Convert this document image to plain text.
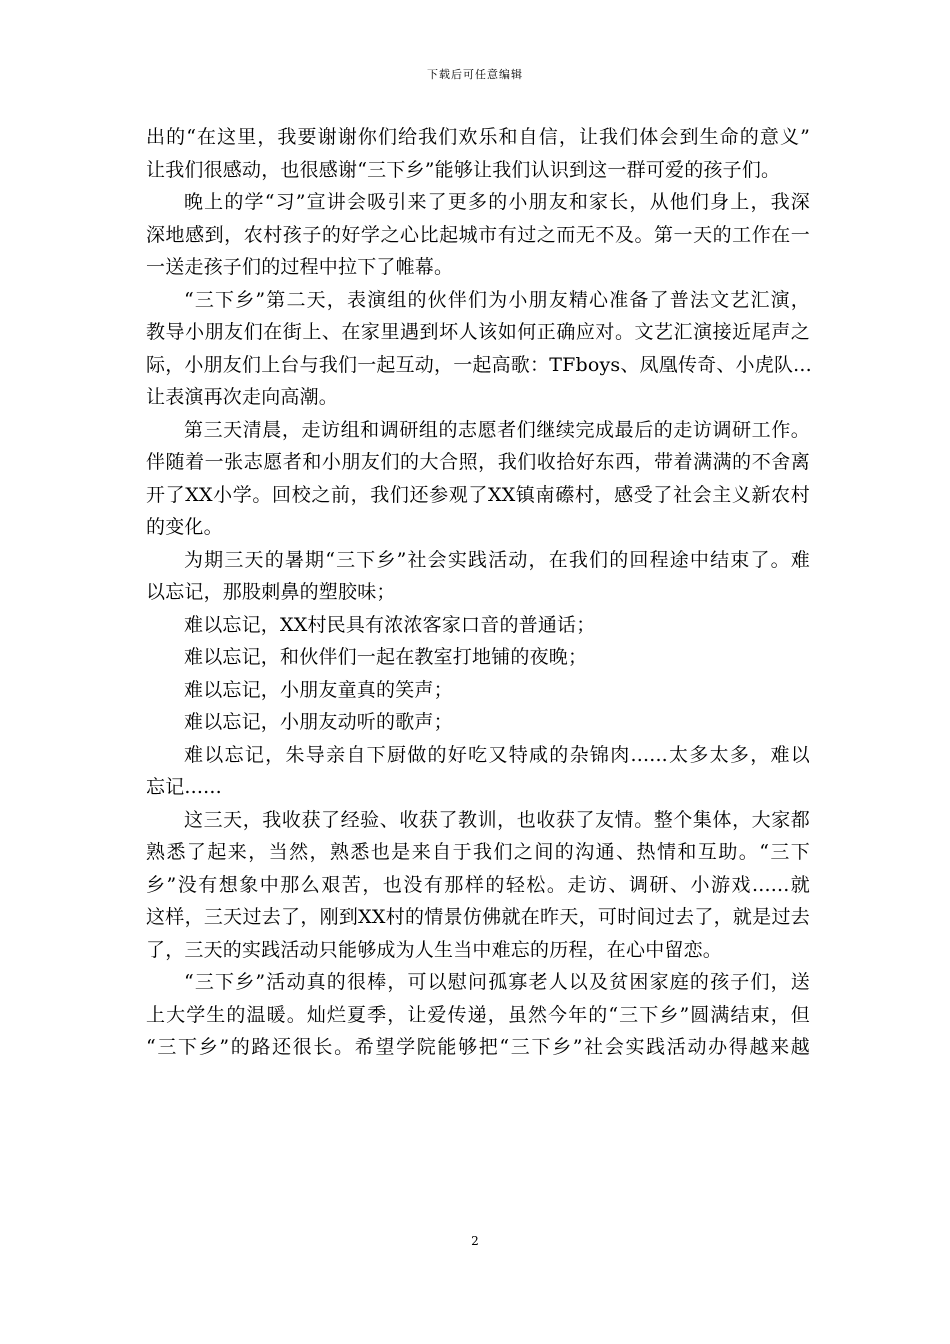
下载后可任意编辑
出的“在这里，我要谢谢你们给我们欢乐和自信，让我们体会到生命的意义”
让我们很感动，也很感谢“三下乡”能够让我们认识到这一群可爱的孩子们。
晚上的学“习”宣讲会吸引来了更多的小朋友和家长，从他们身上，我深
深地感到，农村孩子的好学之心比起城市有过之而无不及。第一天的工作在一
一送走孩子们的过程中拉下了帷幕。
“三下乡”第二天，表演组的伙伴们为小朋友精心准备了普法文艺汇演，
教导小朋友们在街上、在家里遇到坏人该如何正确应对。文艺汇演接近尾声之
际，小朋友们上台与我们一起互动，一起高歌：TFboys、凤凰传奇、小虎队...
让表演再次走向高潮。
第三天清晨，走访组和调研组的志愿者们继续完成最后的走访调研工作。
伴随着一张志愿者和小朋友们的大合照，我们收拾好东西，带着满满的不舍离
开了XX小学。回校之前，我们还参观了XX镇南礤村，感受了社会主义新农村
的变化。
为期三天的暑期“三下乡”社会实践活动，在我们的回程途中结束了。难
以忘记，那股刺鼻的塑胶味；
难以忘记，XX村民具有浓浓客家口音的普通话；
难以忘记，和伙伴们一起在教室打地铺的夜晚；
难以忘记，小朋友童真的笑声；
难以忘记，小朋友动听的歌声；
难以忘记，朱导亲自下厨做的好吃又特咸的杂锦肉......太多太多，难以
忘记......
这三天，我收获了经验、收获了教训，也收获了友情。整个集体，大家都
熟悉了起来，当然，熟悉也是来自于我们之间的沟通、热情和互助。“三下
乡”没有想象中那么艰苦，也没有那样的轻松。走访、调研、小游戏......就
这样，三天过去了，刚到XX村的情景仿佛就在昨天，可时间过去了，就是过去
了，三天的实践活动只能够成为人生当中难忘的历程，在心中留恋。
“三下乡”活动真的很棒，可以慰问孤寡老人以及贫困家庭的孩子们，送
上大学生的温暖。灿烂夏季，让爱传递，虽然今年的“三下乡”圆满结束，但
“三下乡”的路还很长。希望学院能够把“三下乡”社会实践活动办得越来越
2
